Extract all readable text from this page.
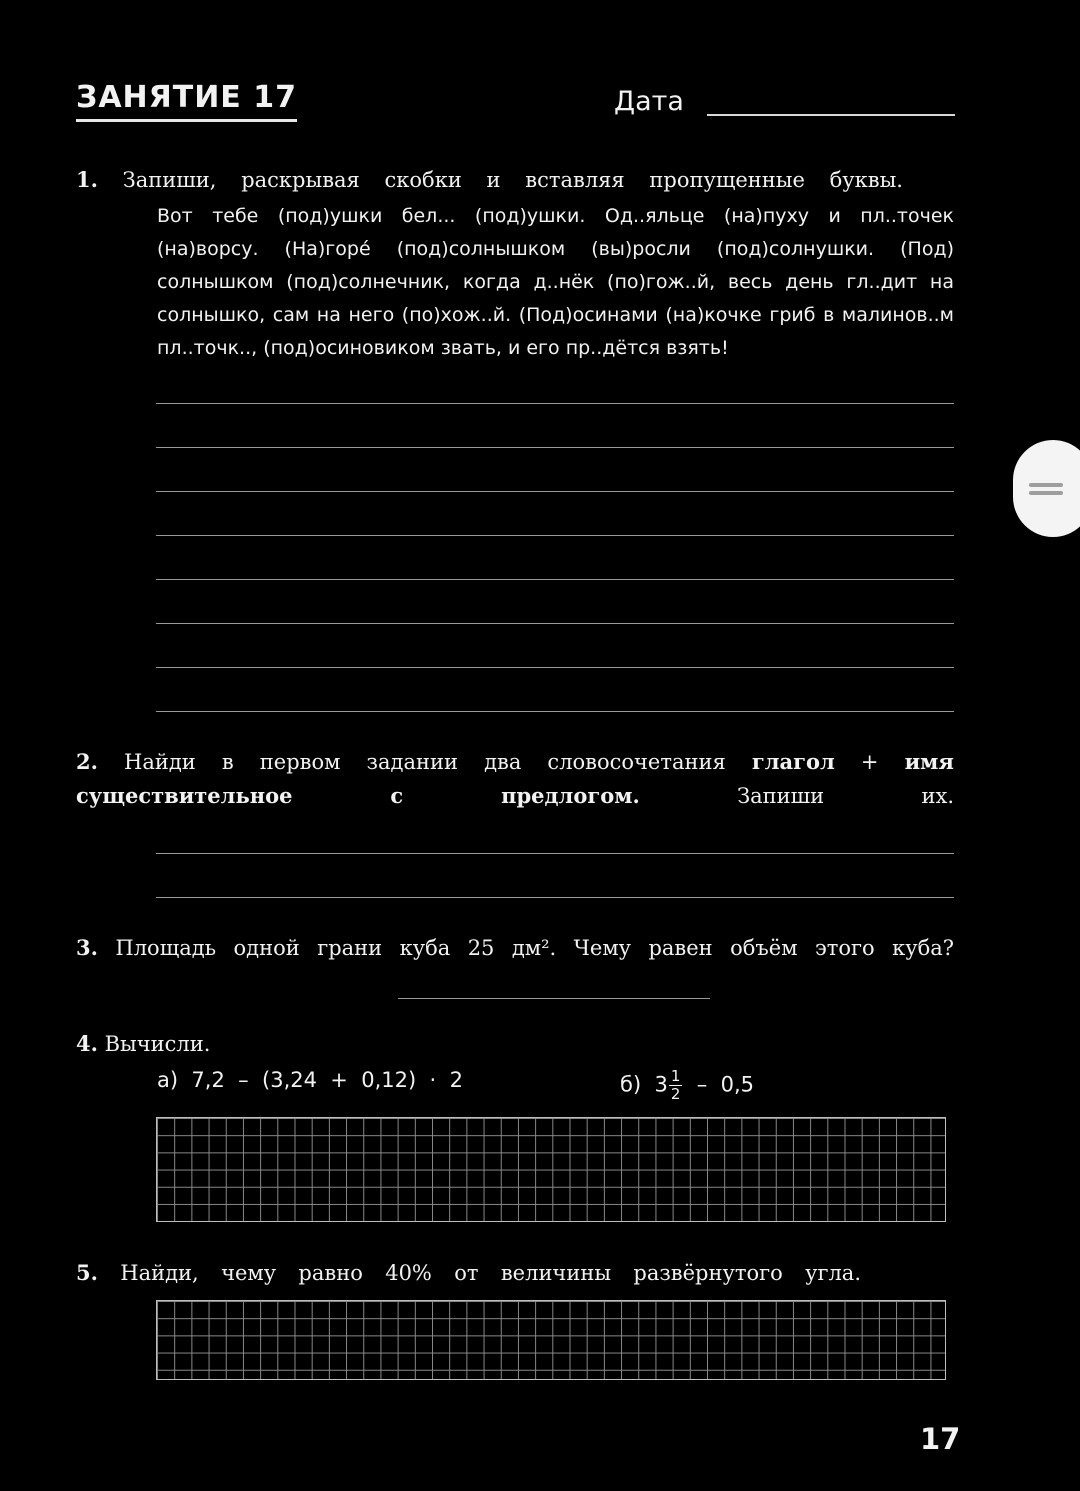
ЗАНЯТИЕ 17	Дата
1. Запиши, раскрывая скобки и вставляя пропущенные буквы.
Вот тебе (под)ушки бел... (под)ушки. Од..яльце (на)пуху и пл..точек (на)ворсу. (На)горé (под)солнышком (вы)росли (под)солнушки. (Под) солнышком (под)солнечник, когда д..нёк (по)гож..й, весь день гл..дит на солнышко, сам на него (по)хож..й. (Под)осинами (на)кочке гриб в малинов..м пл..точк.., (под)осиновиком звать, и его пр..дётся взять!
2. Найди в первом задании два словосочетания глагол + имя существительное с предлогом.	Запиши их.
3. Площадь одной грани куба 25 дм². Чему равен объём этого куба?
4. Вычисли.
а)  7,2  –  (3,24  +  0,12)  ·  2	б)  $3 \frac{1}{2} - 0,5$
5. Найди, чему равно 40% от величины развёрнутого угла.
17
